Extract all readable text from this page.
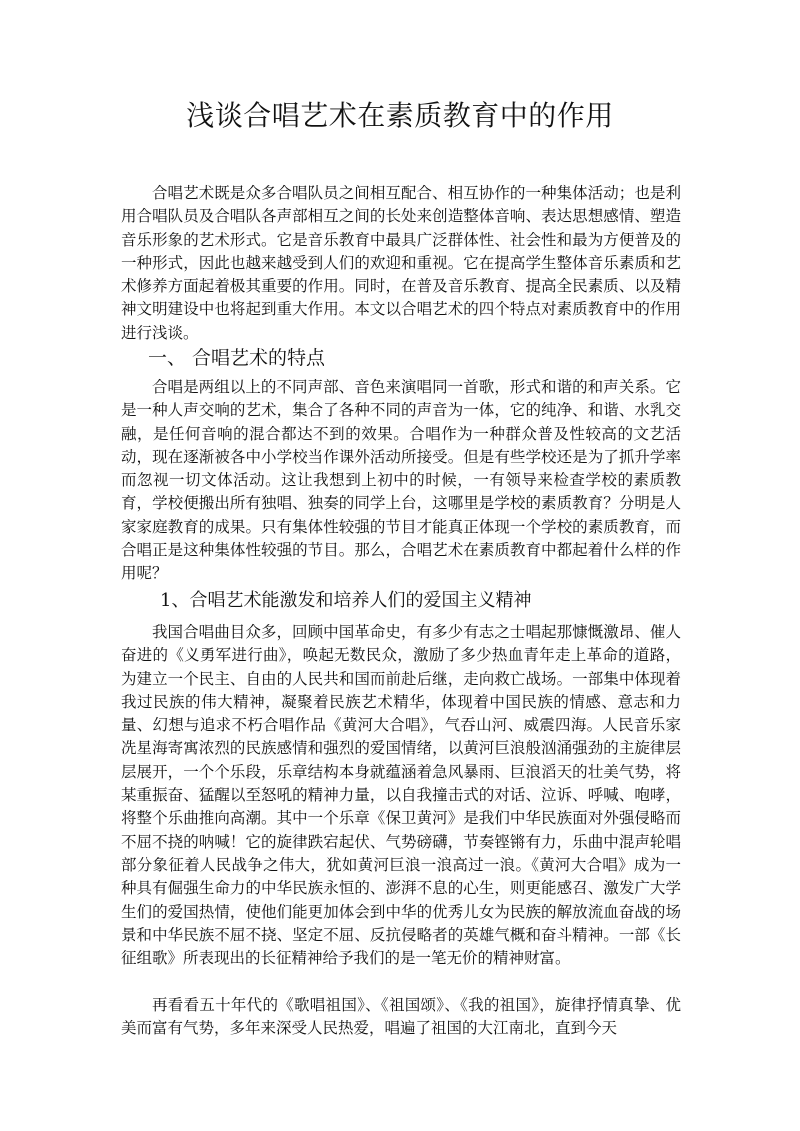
浅谈合唱艺术在素质教育中的作用

合唱艺术既是众多合唱队员之间相互配合、相互协作的一种集体活动；也是利用合唱队员及合唱队各声部相互之间的长处来创造整体音响、表达思想感情、塑造音乐形象的艺术形式。它是音乐教育中最具广泛群体性、社会性和最为方便普及的一种形式，因此也越来越受到人们的欢迎和重视。它在提高学生整体音乐素质和艺术修养方面起着极其重要的作用。同时，在普及音乐教育、提高全民素质、以及精神文明建设中也将起到重大作用。本文以合唱艺术的四个特点对素质教育中的作用进行浅谈。

一、 合唱艺术的特点

合唱是两组以上的不同声部、音色来演唱同一首歌，形式和谐的和声关系。它是一种人声交响的艺术，集合了各种不同的声音为一体，它的纯净、和谐、水乳交融，是任何音响的混合都达不到的效果。合唱作为一种群众普及性较高的文艺活动，现在逐渐被各中小学校当作课外活动所接受。但是有些学校还是为了抓升学率而忽视一切文体活动。这让我想到上初中的时候，一有领导来检查学校的素质教育，学校便搬出所有独唱、独奏的同学上台，这哪里是学校的素质教育？分明是人家家庭教育的成果。只有集体性较强的节目才能真正体现一个学校的素质教育，而合唱正是这种集体性较强的节目。那么，合唱艺术在素质教育中都起着什么样的作用呢？

1、合唱艺术能激发和培养人们的爱国主义精神

我国合唱曲目众多，回顾中国革命史，有多少有志之士唱起那慷慨激昂、催人奋进的《义勇军进行曲》，唤起无数民众，激励了多少热血青年走上革命的道路，为建立一个民主、自由的人民共和国而前赴后继，走向救亡战场。一部集中体现着我过民族的伟大精神，凝聚着民族艺术精华，体现着中国民族的情感、意志和力量、幻想与追求不朽合唱作品《黄河大合唱》，气吞山河、威震四海。人民音乐家冼星海寄寓浓烈的民族感情和强烈的爱国情绪，以黄河巨浪般汹涌强劲的主旋律层层展开，一个个乐段，乐章结构本身就蕴涵着急风暴雨、巨浪滔天的壮美气势，将某重振奋、猛醒以至怒吼的精神力量，以自我撞击式的对话、泣诉、呼喊、咆哮，将整个乐曲推向高潮。其中一个乐章《保卫黄河》是我们中华民族面对外强侵略而不屈不挠的呐喊！它的旋律跌宕起伏、气势磅礴，节奏铿锵有力，乐曲中混声轮唱部分象征着人民战争之伟大，犹如黄河巨浪一浪高过一浪。《黄河大合唱》成为一种具有倔强生命力的中华民族永恒的、澎湃不息的心生，则更能感召、激发广大学生们的爱国热情，使他们能更加体会到中华的优秀儿女为民族的解放流血奋战的场景和中华民族不屈不挠、坚定不屈、反抗侵略者的英雄气概和奋斗精神。一部《长征组歌》所表现出的长征精神给予我们的是一笔无价的精神财富。

再看看五十年代的《歌唱祖国》、《祖国颂》、《我的祖国》，旋律抒情真挚、优美而富有气势，多年来深受人民热爱，唱遍了祖国的大江南北，直到今天
